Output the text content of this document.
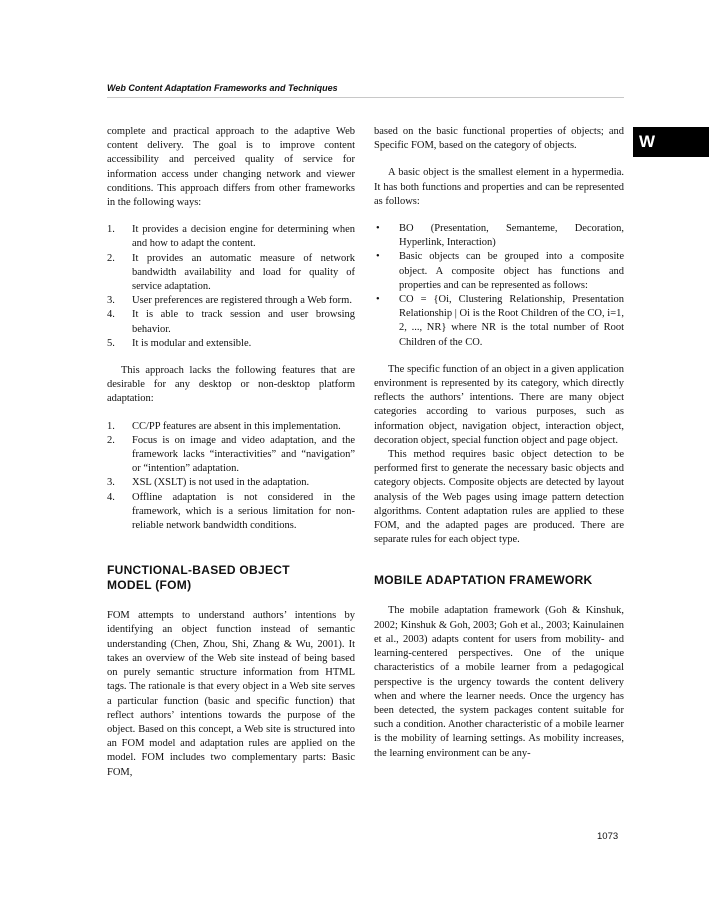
Web Content Adaptation Frameworks and Techniques
W

complete and practical approach to the adaptive Web content delivery. The goal is to improve content accessibility and perceived quality of service for information access under changing network and viewer conditions. This approach differs from other frameworks in the following ways:

1. It provides a decision engine for determining when and how to adapt the content.
2. It provides an automatic measure of network bandwidth availability and load for quality of service adaptation.
3. User preferences are registered through a Web form.
4. It is able to track session and user browsing behavior.
5. It is modular and extensible.

This approach lacks the following features that are desirable for any desktop or non-desktop platform adaptation:

1. CC/PP features are absent in this implementation.
2. Focus is on image and video adaptation, and the framework lacks “interactivities” and “navigation” or “intention” adaptation.
3. XSL (XSLT) is not used in the adaptation.
4. Offline adaptation is not considered in the framework, which is a serious limitation for non-reliable network bandwidth conditions.
FUNCTIONAL-BASED OBJECT
MODEL (FOM)

FOM attempts to understand authors’ intentions by identifying an object function instead of semantic understanding (Chen, Zhou, Shi, Zhang & Wu, 2001). It takes an overview of the Web site instead of being based on purely semantic structure information from HTML tags. The rationale is that every object in a Web site serves a particular function (basic and specific function) that reflect authors’ intentions towards the purpose of the object. Based on this concept, a Web site is structured into an FOM model and adaptation rules are applied on the model. FOM includes two complementary parts: Basic FOM,

based on the basic functional properties of objects; and Specific FOM, based on the category of objects.

A basic object is the smallest element in a hypermedia. It has both functions and properties and can be represented as follows:

• BO (Presentation, Semanteme, Decoration, Hyperlink, Interaction)
• Basic objects can be grouped into a composite object. A composite object has functions and properties and can be represented as follows:
• CO = {Oi, Clustering Relationship, Presentation Relationship | Oi is the Root Children of the CO, i=1, 2, ..., NR} where NR is the total number of Root Children of the CO.

The specific function of an object in a given application environment is represented by its category, which directly reflects the authors’ intentions. There are many object categories according to various purposes, such as information object, navigation object, interaction object, decoration object, special function object and page object.

This method requires basic object detection to be performed first to generate the necessary basic objects and category objects. Composite objects are detected by layout analysis of the Web pages using image pattern detection algorithms. Content adaptation rules are applied to these FOM, and the adapted pages are produced. There are separate rules for each object type.

MOBILE ADAPTATION FRAMEWORK

The mobile adaptation framework (Goh & Kinshuk, 2002; Kinshuk & Goh, 2003; Goh et al., 2003; Kainulainen et al., 2003) adapts content for users from mobility- and learning-centered perspectives. One of the unique characteristics of a mobile learner from a pedagogical perspective is the urgency towards the content delivery when and where the learner needs. Once the urgency has been detected, the system packages content suitable for such a condition. Another characteristic of a mobile learner is the mobility of learning settings. As mobility increases, the learning environment can be any-

1073
